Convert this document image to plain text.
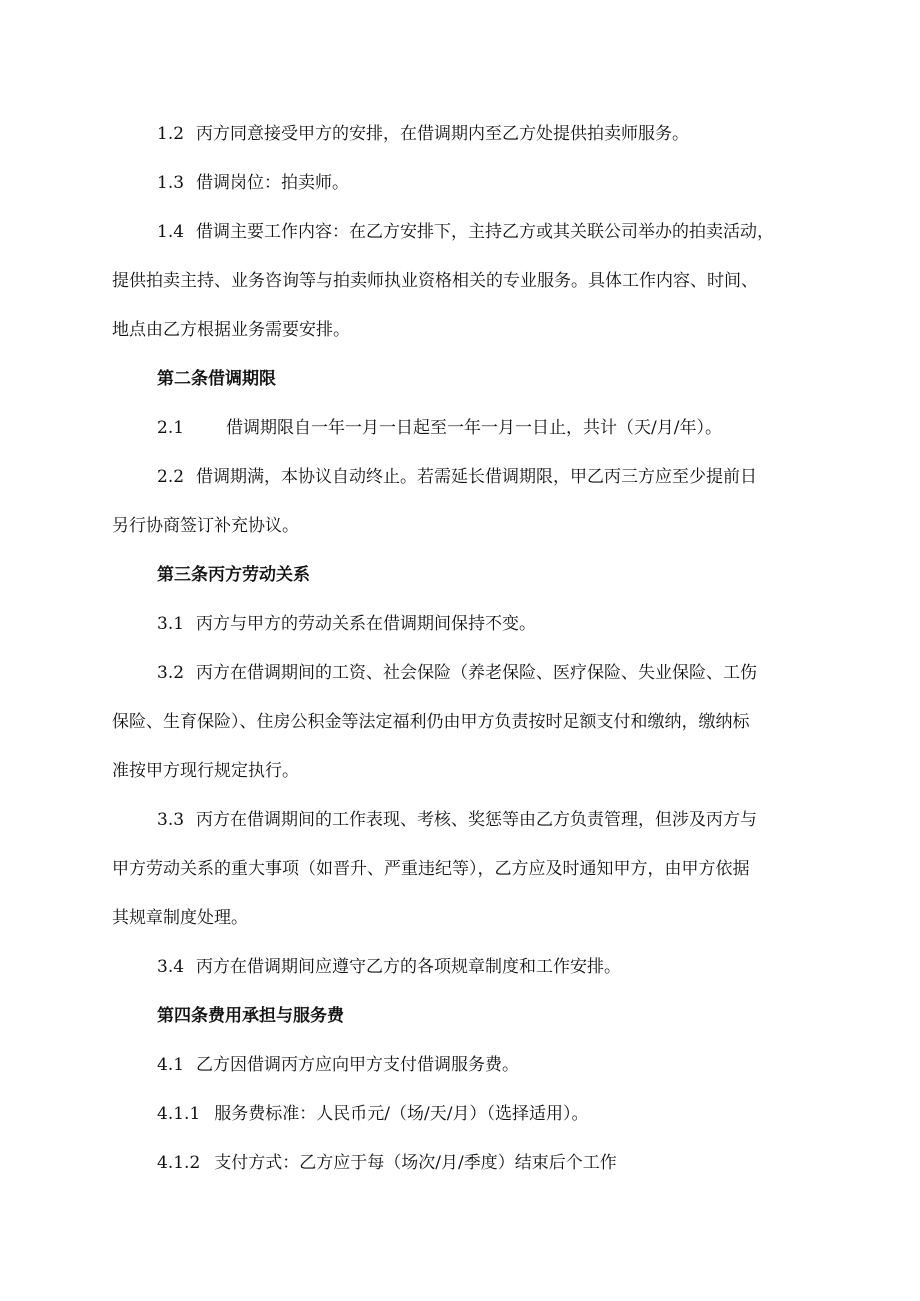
1.2 丙方同意接受甲方的安排，在借调期内至乙方处提供拍卖师服务。
1.3 借调岗位：拍卖师。
1.4 借调主要工作内容：在乙方安排下，主持乙方或其关联公司举办的拍卖活动，
提供拍卖主持、业务咨询等与拍卖师执业资格相关的专业服务。具体工作内容、时间、
地点由乙方根据业务需要安排。
第二条借调期限
2.1 借调期限自一年一月一日起至一年一月一日止，共计（天/月/年）。
2.2 借调期满，本协议自动终止。若需延长借调期限，甲乙丙三方应至少提前日
另行协商签订补充协议。
第三条丙方劳动关系
3.1 丙方与甲方的劳动关系在借调期间保持不变。
3.2 丙方在借调期间的工资、社会保险（养老保险、医疗保险、失业保险、工伤
保险、生育保险）、住房公积金等法定福利仍由甲方负责按时足额支付和缴纳，缴纳标
准按甲方现行规定执行。
3.3 丙方在借调期间的工作表现、考核、奖惩等由乙方负责管理，但涉及丙方与
甲方劳动关系的重大事项（如晋升、严重违纪等），乙方应及时通知甲方，由甲方依据
其规章制度处理。
3.4 丙方在借调期间应遵守乙方的各项规章制度和工作安排。
第四条费用承担与服务费
4.1 乙方因借调丙方应向甲方支付借调服务费。
4.1.1 服务费标准：人民币元/（场/天/月）（选择适用）。
4.1.2 支付方式：乙方应于每（场次/月/季度）结束后个工作
